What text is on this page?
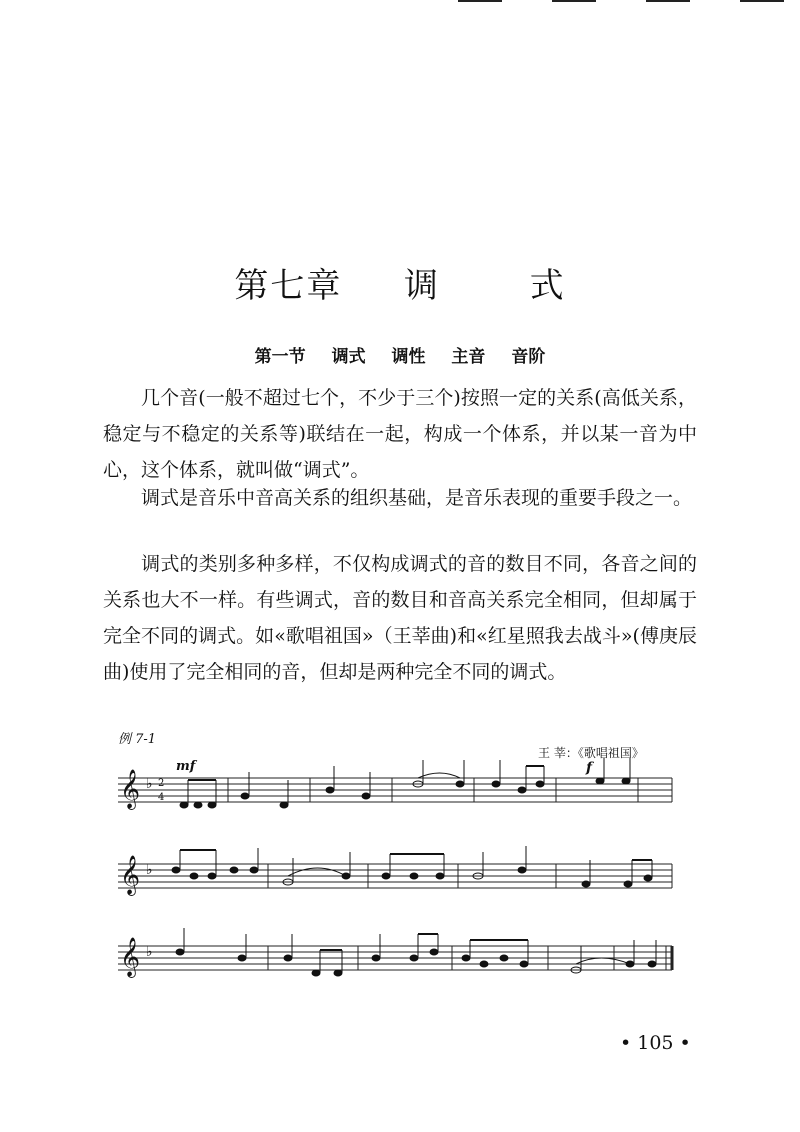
第七章 调	式
第一节 调式 调性 主音 音阶
几个音(一般不超过七个，不少于三个)按照一定的关系(高低关系，稳定与不稳定的关系等)联结在一起，构成一个体系，并以某一音为中心，这个体系，就叫做“调式”。
调式是音乐中音高关系的组织基础，是音乐表现的重要手段之一。
调式的类别多种多样，不仅构成调式的音的数目不同，各音之间的关系也大不一样。有些调式，音的数目和音高关系完全相同，但却属于完全不同的调式。如«歌唱祖国»（王莘曲)和«红星照我去战斗»(傅庚辰曲)使用了完全相同的音，但却是两种完全不同的调式。
例 7-1
王 莘：《歌唱祖国》
𝄞
𝄞
𝄞
♭
♭
♭
2
4
mf	f
• 105 •
